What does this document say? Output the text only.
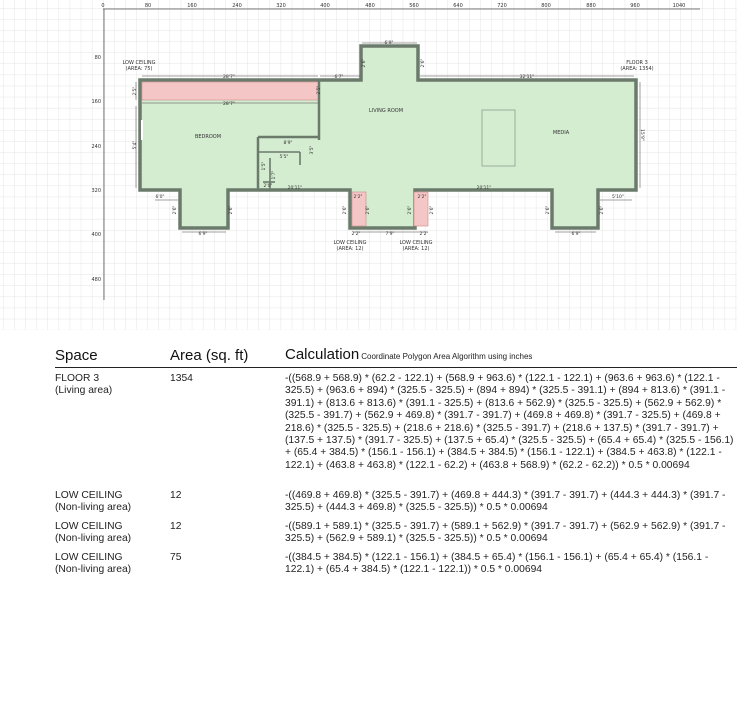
0	80	160	240	320	400	480	560	640	720	800	880	960	1040
80
160
240
320
400
480
28'7"
28'7"
6'7"
6'9"
32'11"
2'5"
5'4"
15'9"
2'5"
2'6"	2'6"
8'9"
5'5"
3'5"
1'5"
1'7"
2'0"	20'11"	20'11"
6'0"
6'9"
2'6"	2'6"
5'10"
6'9"
2'6"	2'6"
2'2"
2'2"
2'2"
2'2"
7'9"
2'6"	2'6"	2'6"	2'6"
BEDROOM
LIVING ROOM
MEDIA
LOW CEILING
(AREA: 75)
FLOOR 3
(AREA: 1354)
LOW CEILING
(AREA: 12)
LOW CEILING
(AREA: 12)
Space	Area (sq. ft)	Calculation Coordinate Polygon Area Algorithm using inches
FLOOR 3
(Living area)
1354	-((568.9 + 568.9) * (62.2 - 122.1) + (568.9 + 963.6) * (122.1 - 122.1) + (963.6 + 963.6) * (122.1 - 325.5) + (963.6 + 894) * (325.5 - 325.5) + (894 + 894) * (325.5 - 391.1) + (894 + 813.6) * (391.1 - 391.1) + (813.6 + 813.6) * (391.1 - 325.5) + (813.6 + 562.9) * (325.5 - 325.5) + (562.9 + 562.9) * (325.5 - 391.7) + (562.9 + 469.8) * (391.7 - 391.7) + (469.8 + 469.8) * (391.7 - 325.5) + (469.8 + 218.6) * (325.5 - 325.5) + (218.6 + 218.6) * (325.5 - 391.7) + (218.6 + 137.5) * (391.7 - 391.7) + (137.5 + 137.5) * (391.7 - 325.5) + (137.5 + 65.4) * (325.5 - 325.5) + (65.4 + 65.4) * (325.5 - 156.1) + (65.4 + 384.5) * (156.1 - 156.1) + (384.5 + 384.5) * (156.1 - 122.1) + (384.5 + 463.8) * (122.1 - 122.1) + (463.8 + 463.8) * (122.1 - 62.2) + (463.8 + 568.9) * (62.2 - 62.2)) * 0.5 * 0.00694
LOW CEILING
(Non-living area)
12	-((469.8 + 469.8) * (325.5 - 391.7) + (469.8 + 444.3) * (391.7 - 391.7) + (444.3 + 444.3) * (391.7 - 325.5) + (444.3 + 469.8) * (325.5 - 325.5)) * 0.5 * 0.00694
LOW CEILING
(Non-living area)
12	-((589.1 + 589.1) * (325.5 - 391.7) + (589.1 + 562.9) * (391.7 - 391.7) + (562.9 + 562.9) * (391.7 - 325.5) + (562.9 + 589.1) * (325.5 - 325.5)) * 0.5 * 0.00694
LOW CEILING
(Non-living area)
75	-((384.5 + 384.5) * (122.1 - 156.1) + (384.5 + 65.4) * (156.1 - 156.1) + (65.4 + 65.4) * (156.1 - 122.1) + (65.4 + 384.5) * (122.1 - 122.1)) * 0.5 * 0.00694
